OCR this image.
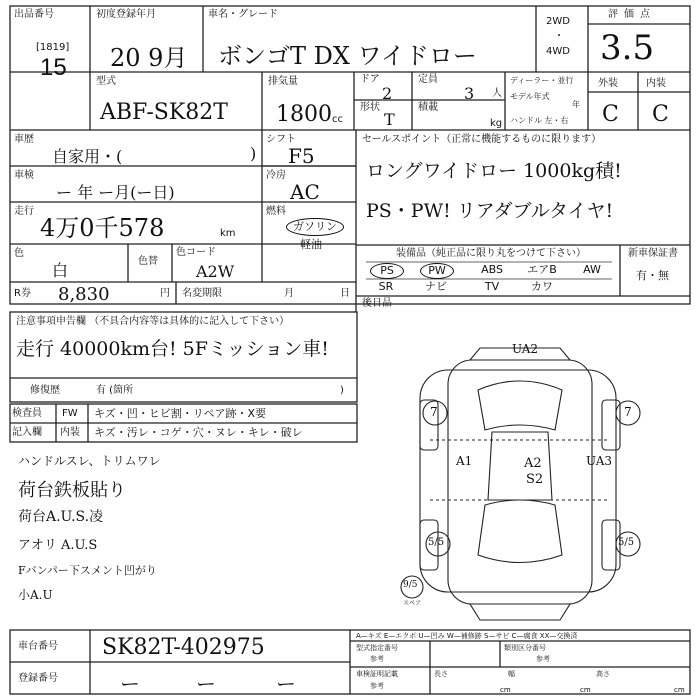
出品番号
[1819]
15
初度登録年月
20 9月
車名・グレード
ボンゴT DX ワイドロー
2WD
・
4WD
評価点
3.5
型式
ABF-SK82T
排気量
1800 cc
ドア
2
定員
3 人
形状
T
積載
kg
ディーラー・並行
モデル年式
年
ハンドル 左・右
外装	内装
C C
車歴
自家用・(	)
車検
ー 年 ー月(ー日)
走行
4万0千578	km
色
白	色替
色コード
A2W
シフト
F5
冷房
AC
燃料
ガソリン
軽油
R券 8,830	円 名変期限	月	日
セールスポイント（正常に機能するものに限ります）
ロングワイドロー 1000kg積!
PS・PW! リアダブルタイヤ!
装備品（純正品に限り丸をつけて下さい）
PS	PW	ABS	エアB	AW
SR	ナビ	TV	カワ
新車保証書
有・無
後日品
注意事項申告欄 （不具合内容等は具体的に記入して下さい）
走行 40000km台! 5Fミッション車!
修復歴	有 (箇所	)
検査員
記入欄
FW キズ・凹・ヒビ割・リペア跡・X要
内装 キズ・汚レ・コゲ・穴・ヌレ・キレ・破レ
ハンドルスレ、トリムワレ
荷台鉄板貼り
荷台A.U.S.凌
アオリ A.U.S
Fバンパー下スメント凹がり
小A.U
UA2
A1	A2
S2
UA3
7	7
5/5	5/5
9/5
スペア
車台番号 SK82T-402975
登録番号	ー	ー	ー
A—キズ E—エクボ U—凹み W—補修跡 S—サビ C—腐食 XX—交換済
型式指定番号
参考
類別区分番号
参考
車検証明記載
参考
長さ
cm
幅
cm
高さ
cm
